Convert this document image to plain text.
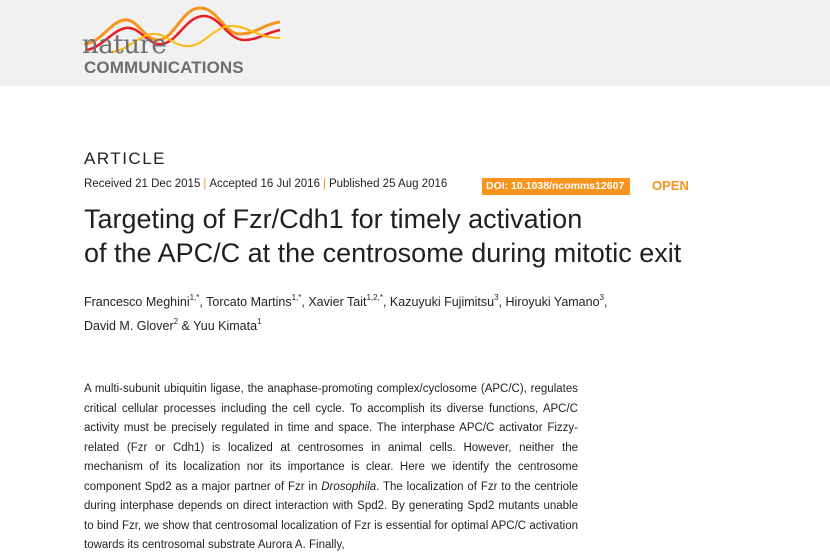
nature
COMMUNICATIONS
ARTICLE
Received 21 Dec 2015 | Accepted 16 Jul 2016 | Published 25 Aug 2016	DOI: 10.1038/ncomms12607	OPEN
Targeting of Fzr/Cdh1 for timely activation
of the APC/C at the centrosome during mitotic exit
Francesco Meghini$^{1,*}$, Torcato Martins$^{1,*}$, Xavier Tait$^{1,2,*}$, Kazuyuki Fujimitsu$^3$, Hiroyuki Yamano$^3$,
David M. Glover$^2$ & Yuu Kimata$^1$

A multi-subunit ubiquitin ligase, the anaphase-promoting complex/cyclosome (APC/C), regulates critical cellular processes including the cell cycle. To accomplish its diverse functions, APC/C activity must be precisely regulated in time and space. The interphase APC/C activator Fizzy-related (Fzr or Cdh1) is localized at centrosomes in animal cells. However, neither the mechanism of its localization nor its importance is clear. Here we identify the centrosome component Spd2 as a major partner of Fzr in Drosophila. The localization of Fzr to the centriole during interphase depends on direct interaction with Spd2. By generating Spd2 mutants unable to bind Fzr, we show that centrosomal localization of Fzr is essential for optimal APC/C activation towards its centrosomal substrate Aurora A. Finally,
